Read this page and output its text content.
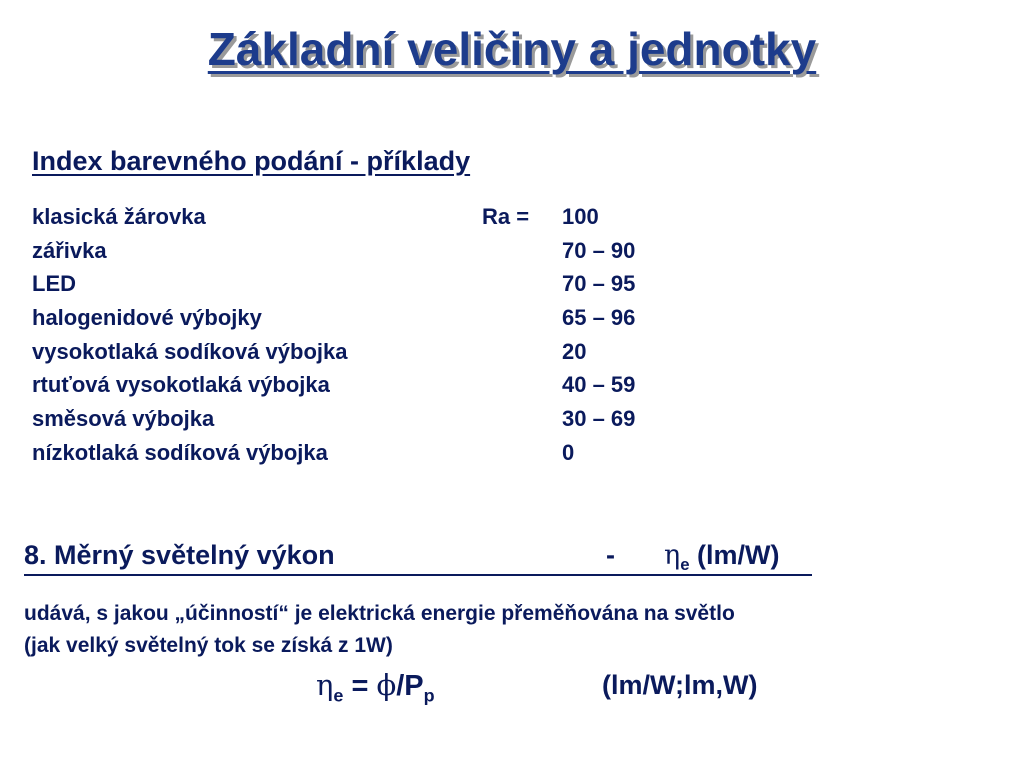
Základní veličiny a jednotky
Index barevného podání - příklady
klasická žárovka	Ra = 100
zářivka	70 – 90
LED	70 – 95
halogenidové výbojky	65 – 96
vysokotlaká sodíková výbojka	20
rtuťová vysokotlaká výbojka	40 – 59
směsová výbojka	30 – 69
nízkotlaká sodíková výbojka	0
8. Měrný světelný výkon	- $\eta_e$ (lm/W)
udává, s jakou „účinností“ je elektrická energie přeměňována na světlo
(jak velký světelný tok se získá z 1W)
$\eta_e = \phi/P_p$	(lm/W;lm,W)
